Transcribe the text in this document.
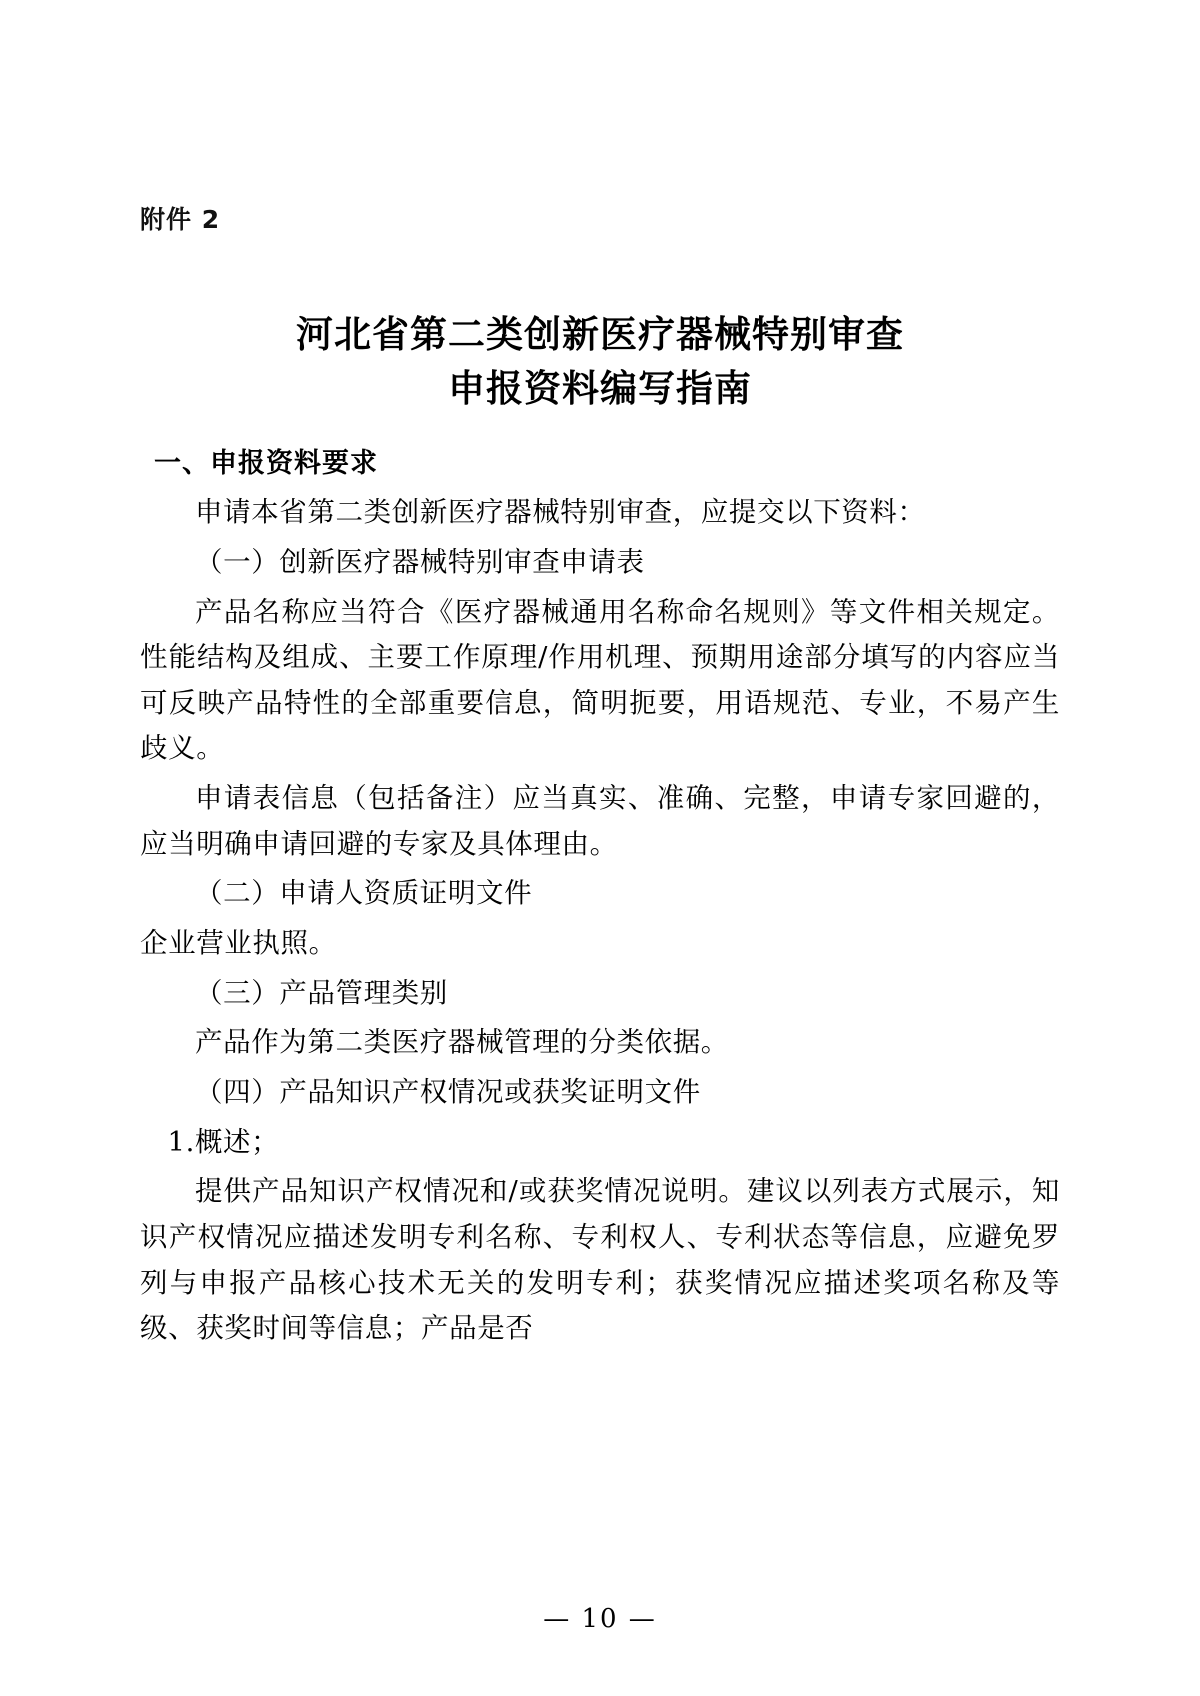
附件 2
河北省第二类创新医疗器械特别审查
申报资料编写指南
一、申报资料要求

申请本省第二类创新医疗器械特别审查，应提交以下资料：

（一）创新医疗器械特别审查申请表

产品名称应当符合《医疗器械通用名称命名规则》等文件相关规定。性能结构及组成、主要工作原理/作用机理、预期用途部分填写的内容应当可反映产品特性的全部重要信息，简明扼要，用语规范、专业，不易产生歧义。

申请表信息（包括备注）应当真实、准确、完整，申请专家回避的，应当明确申请回避的专家及具体理由。

（二）申请人资质证明文件

企业营业执照。

（三）产品管理类别

产品作为第二类医疗器械管理的分类依据。

（四）产品知识产权情况或获奖证明文件

1.概述；

提供产品知识产权情况和/或获奖情况说明。建议以列表方式展示，知识产权情况应描述发明专利名称、专利权人、专利状态等信息，应避免罗列与申报产品核心技术无关的发明专利；获奖情况应描述奖项名称及等级、获奖时间等信息；产品是否

— 10 —
